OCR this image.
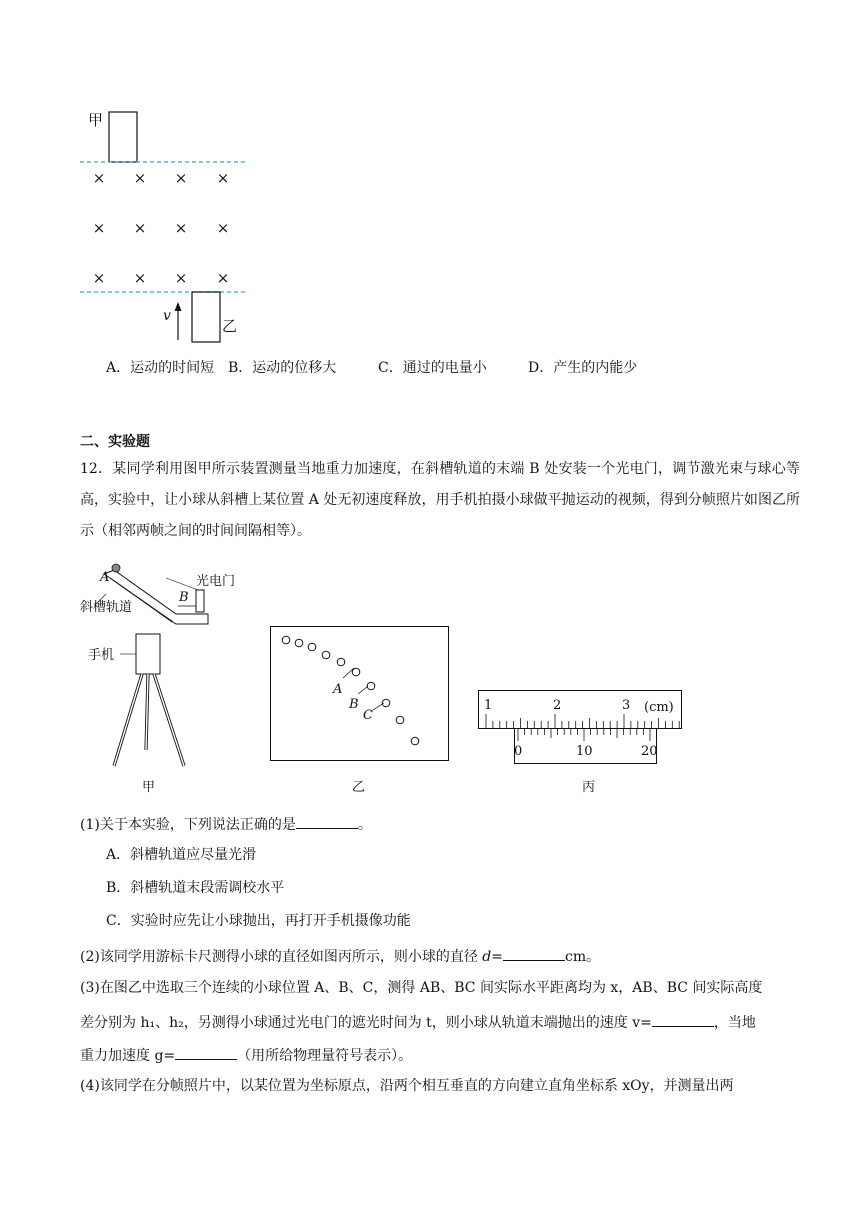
× × × ×
× × × ×
× × × ×
甲
v
乙
A．运动的时间短 B．运动的位移大	C．通过的电量小	D．产生的内能少
二、实验题
12．某同学利用图甲所示装置测量当地重力加速度，在斜槽轨道的末端 B 处安装一个光电门，调节激光束与球心等高，实验中，让小球从斜槽上某位置 A 处无初速度释放，用手机拍摄小球做平抛运动的视频，得到分帧照片如图乙所示（相邻两帧之间的时间间隔相等）。
A
B
光电门
斜槽轨道
手机
甲
A
B
C
乙
1	2	3 (cm)
0	10	20
丙
(1)关于本实验，下列说法正确的是	。
A．斜槽轨道应尽量光滑
B．斜槽轨道末段需调校水平
C．实验时应先让小球抛出，再打开手机摄像功能
(2)该同学用游标卡尺测得小球的直径如图丙所示，则小球的直径 d=	cm。
(3)在图乙中选取三个连续的小球位置 A、B、C，测得 AB、BC 间实际水平距离均为 x，AB、BC 间实际高度
差分别为 h₁、h₂，另测得小球通过光电门的遮光时间为 t，则小球从轨道末端抛出的速度 v=	，当地
重力加速度 g=	（用所给物理量符号表示）。
(4)该同学在分帧照片中，以某位置为坐标原点，沿两个相互垂直的方向建立直角坐标系 xOy，并测量出两
